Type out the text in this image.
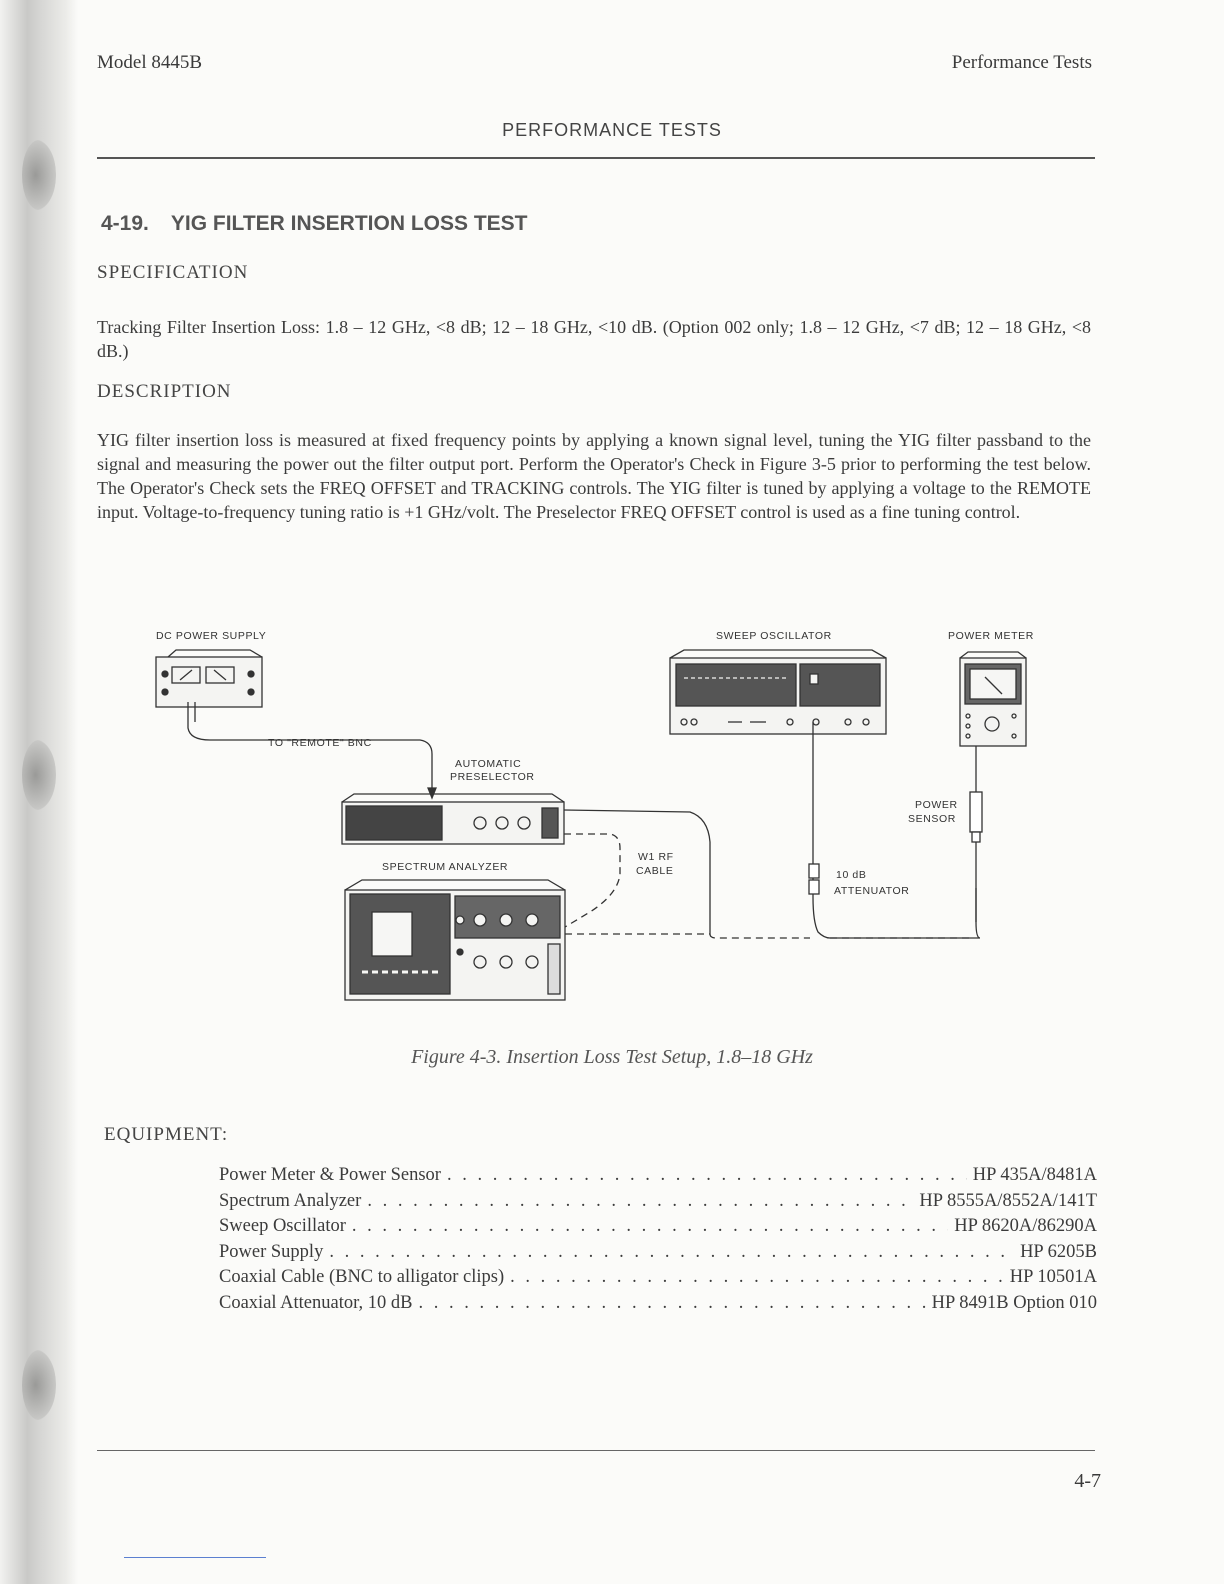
Model 8445B	Performance Tests
PERFORMANCE TESTS
4-19. YIG FILTER INSERTION LOSS TEST
SPECIFICATION
Tracking Filter Insertion Loss: 1.8 – 12 GHz, <8 dB; 12 – 18 GHz, <10 dB. (Option 002 only; 1.8 – 12 GHz, <7 dB; 12 – 18 GHz, <8 dB.)
DESCRIPTION
YIG filter insertion loss is measured at fixed frequency points by applying a known signal level, tuning the YIG filter passband to the signal and measuring the power out the filter output port. Perform the Operator's Check in Figure 3-5 prior to performing the test below. The Operator's Check sets the FREQ OFFSET and TRACKING controls. The YIG filter is tuned by applying a voltage to the REMOTE input. Voltage-to-frequency tuning ratio is +1 GHz/volt. The Preselector FREQ OFFSET control is used as a fine tuning control.
DC POWER SUPPLY	SWEEP OSCILLATOR	POWER METER
TO "REMOTE" BNC
AUTOMATIC
PRESELECTOR
POWER
SENSOR
SPECTRUM ANALYZER
W1 RF
CABLE	10 dB
ATTENUATOR
Figure 4-3. Insertion Loss Test Setup, 1.8–18 GHz
EQUIPMENT:
Power Meter & Power Sensor . . .	HP 435A/8481A
Spectrum Analyzer . . .	HP 8555A/8552A/141T
Sweep Oscillator . . .	HP 8620A/86290A
Power Supply . . .	HP 6205B
Coaxial Cable (BNC to alligator clips) . . .	HP 10501A
Coaxial Attenuator, 10 dB . . .	HP 8491B Option 010
4-7
